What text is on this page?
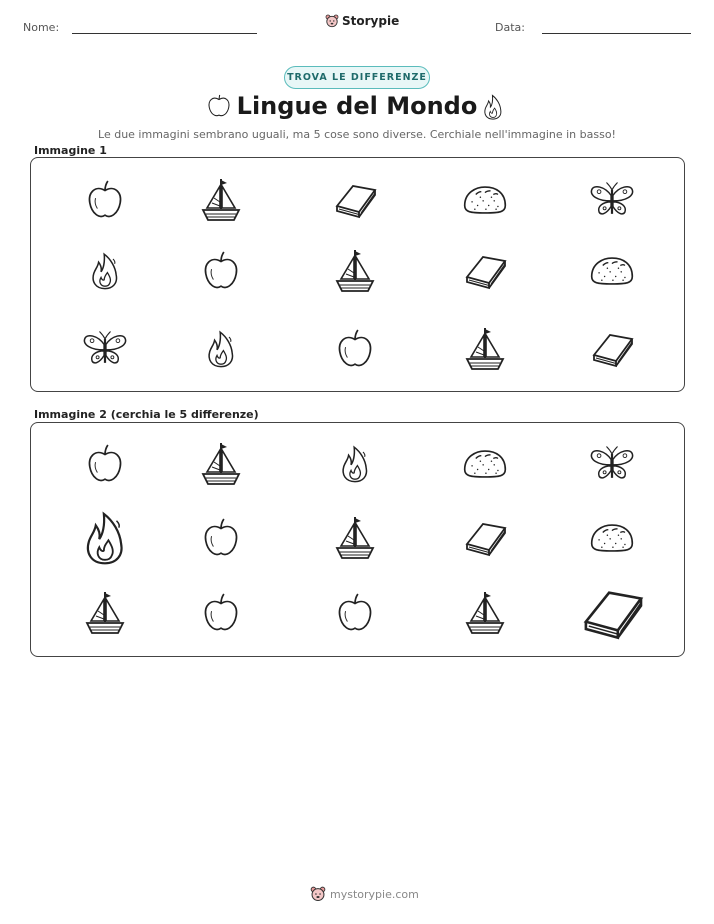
Nome:	Storypie	Data:
TROVA LE DIFFERENZE
Lingue del Mondo
Le due immagini sembrano uguali, ma 5 cose sono diverse. Cerchiale nell'immagine in basso!
Immagine 1
Immagine 2 (cerchia le 5 differenze)
mystorypie.com
